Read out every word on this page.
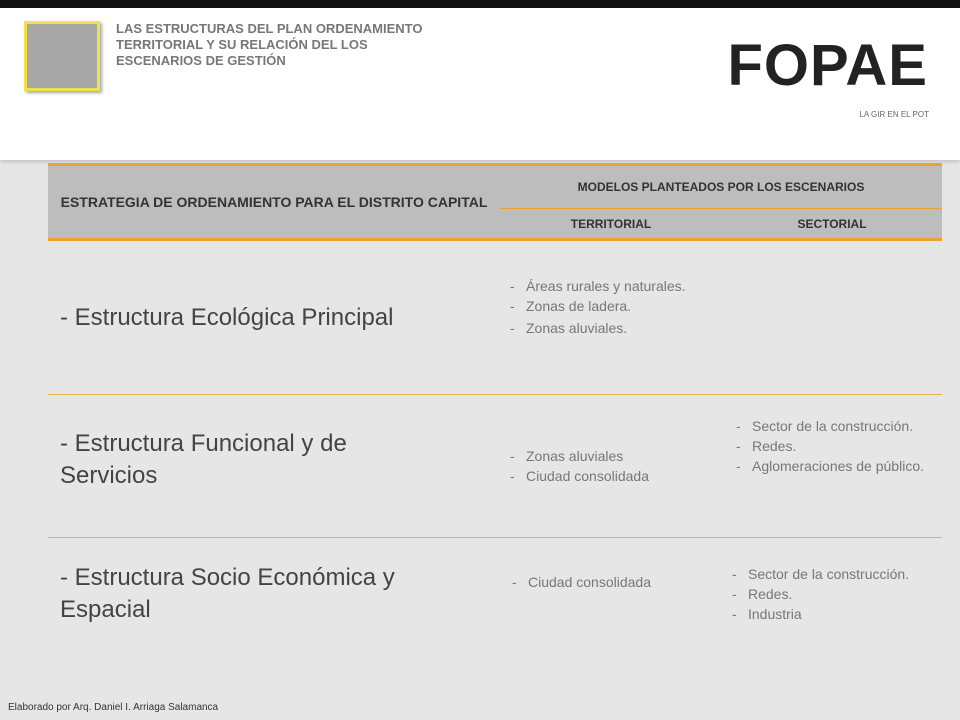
LAS ESTRUCTURAS DEL PLAN ORDENAMIENTO TERRITORIAL Y SU RELACIÓN DEL LOS ESCENARIOS DE GESTIÓN	FOPAE
LA GIR EN EL POT
ESTRATEGIA DE ORDENAMIENTO PARA EL DISTRITO CAPITAL
MODELOS PLANTEADOS POR LOS ESCENARIOS
TERRITORIAL	SECTORIAL
- Estructura Ecológica Principal
- Áreas rurales y naturales.
- Zonas de ladera.
- Zonas aluviales.
- Estructura Funcional y de Servicios
- Zonas aluviales
- Ciudad consolidada
- Sector de la construcción.
- Redes.
- Aglomeraciones de público.
- Estructura Socio Económica y Espacial
- Ciudad consolidada
-	Sector de la construcción.
- Redes.
- Industria
Elaborado por Arq. Daniel I. Arriaga Salamanca
